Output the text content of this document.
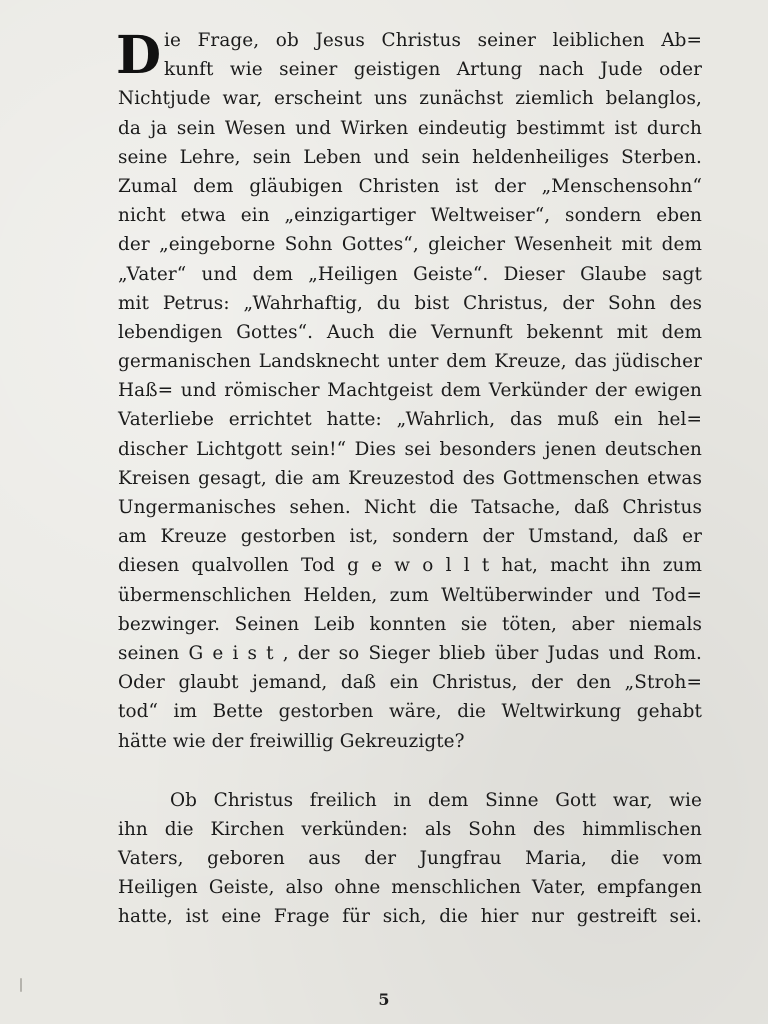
D ie Frage, ob Jesus Christus seiner leiblichen Ab=
kunft wie seiner geistigen Artung nach Jude oder
Nichtjude war, erscheint uns zunächst ziemlich belanglos,
da ja sein Wesen und Wirken eindeutig bestimmt ist durch
seine Lehre, sein Leben und sein heldenheiliges Sterben.
Zumal dem gläubigen Christen ist der „Menschensohn“
nicht etwa ein „einzigartiger Weltweiser“, sondern eben
der „eingeborne Sohn Gottes“, gleicher Wesenheit mit dem
„Vater“ und dem „Heiligen Geiste“. Dieser Glaube sagt
mit Petrus: „Wahrhaftig, du bist Christus, der Sohn des
lebendigen Gottes“. Auch die Vernunft bekennt mit dem
germanischen Landsknecht unter dem Kreuze, das jüdischer
Haß= und römischer Machtgeist dem Verkünder der ewigen
Vaterliebe errichtet hatte: „Wahrlich, das muß ein hel=
discher Lichtgott sein!“ Dies sei besonders jenen deutschen
Kreisen gesagt, die am Kreuzestod des Gottmenschen etwas
Ungermanisches sehen. Nicht die Tatsache, daß Christus
am Kreuze gestorben ist, sondern der Umstand, daß er
diesen qualvollen Tod g e w o l l t hat, macht ihn zum
übermenschlichen Helden, zum Weltüberwinder und Tod=
bezwinger. Seinen Leib konnten sie töten, aber niemals
seinen G e i s t , der so Sieger blieb über Judas und Rom.
Oder glaubt jemand, daß ein Christus, der den „Stroh=
tod“ im Bette gestorben wäre, die Weltwirkung gehabt
hätte wie der freiwillig Gekreuzigte?
Ob Christus freilich in dem Sinne Gott war, wie
ihn die Kirchen verkünden: als Sohn des himmlischen
Vaters, geboren aus der Jungfrau Maria, die vom
Heiligen Geiste, also ohne menschlichen Vater, empfangen
hatte, ist eine Frage für sich, die hier nur gestreift sei.
5
